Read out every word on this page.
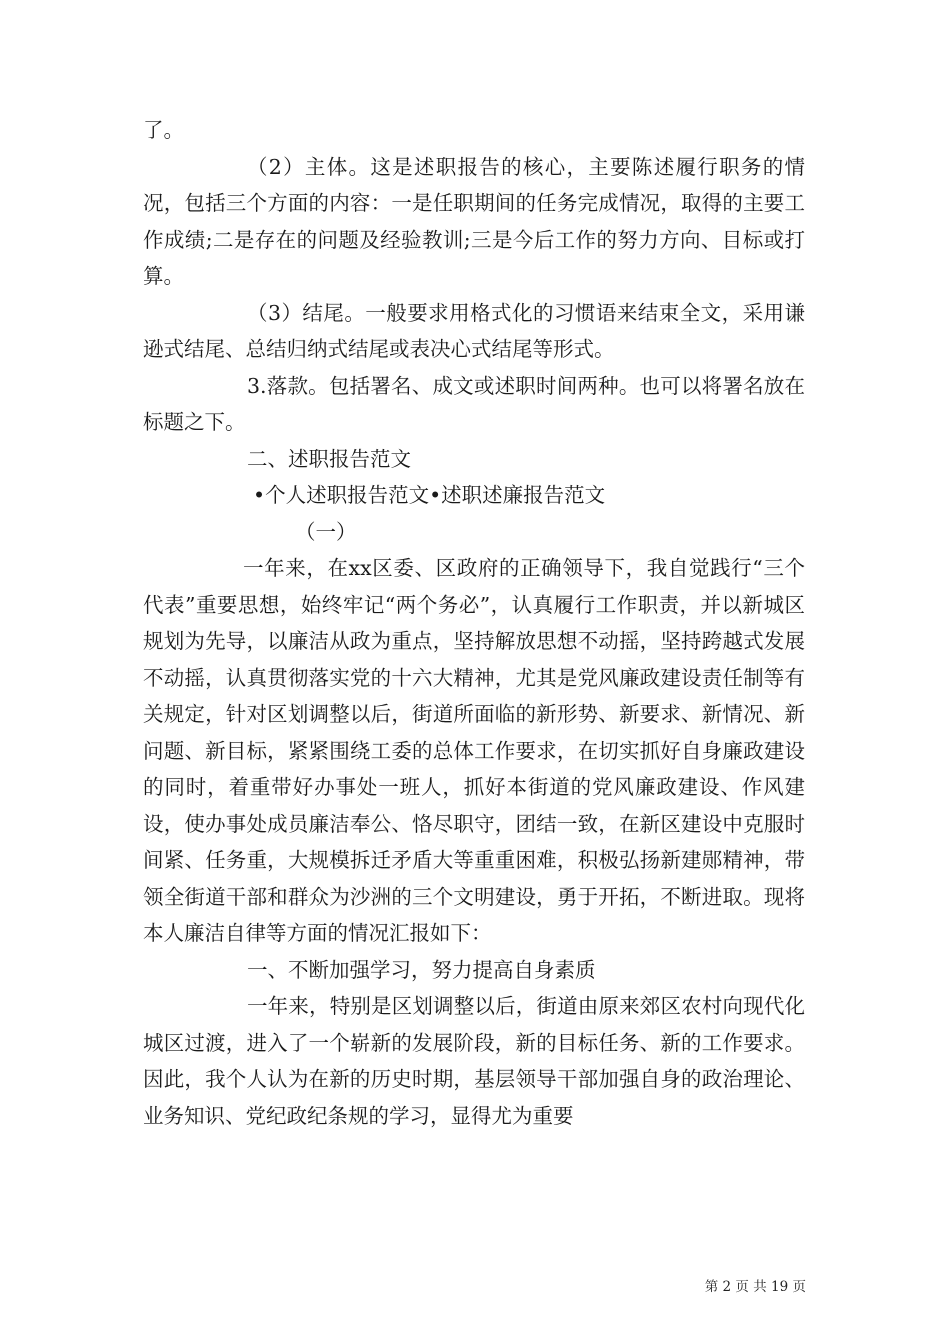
了。

（2）主体。这是述职报告的核心，主要陈述履行职务的情况，包括三个方面的内容：一是任职期间的任务完成情况，取得的主要工作成绩;二是存在的问题及经验教训;三是今后工作的努力方向、目标或打算。

（3）结尾。一般要求用格式化的习惯语来结束全文，采用谦逊式结尾、总结归纳式结尾或表决心式结尾等形式。

3.落款。包括署名、成文或述职时间两种。也可以将署名放在标题之下。

二、述职报告范文

•个人述职报告范文•述职述廉报告范文

（一）

一年来，在xx区委、区政府的正确领导下，我自觉践行“三个代表”重要思想，始终牢记“两个务必”，认真履行工作职责，并以新城区规划为先导，以廉洁从政为重点，坚持解放思想不动摇，坚持跨越式发展不动摇，认真贯彻落实党的十六大精神，尤其是党风廉政建设责任制等有关规定，针对区划调整以后，街道所面临的新形势、新要求、新情况、新问题、新目标，紧紧围绕工委的总体工作要求，在切实抓好自身廉政建设的同时，着重带好办事处一班人，抓好本街道的党风廉政建设、作风建设，使办事处成员廉洁奉公、恪尽职守，团结一致，在新区建设中克服时间紧、任务重，大规模拆迁矛盾大等重重困难，积极弘扬新建郧精神，带领全街道干部和群众为沙洲的三个文明建设，勇于开拓，不断进取。现将本人廉洁自律等方面的情况汇报如下：

一、不断加强学习，努力提高自身素质

一年来，特别是区划调整以后，街道由原来郊区农村向现代化城区过渡，进入了一个崭新的发展阶段，新的目标任务、新的工作要求。因此，我个人认为在新的历史时期，基层领导干部加强自身的政治理论、业务知识、党纪政纪条规的学习，显得尤为重要

第 2 页 共 19 页
